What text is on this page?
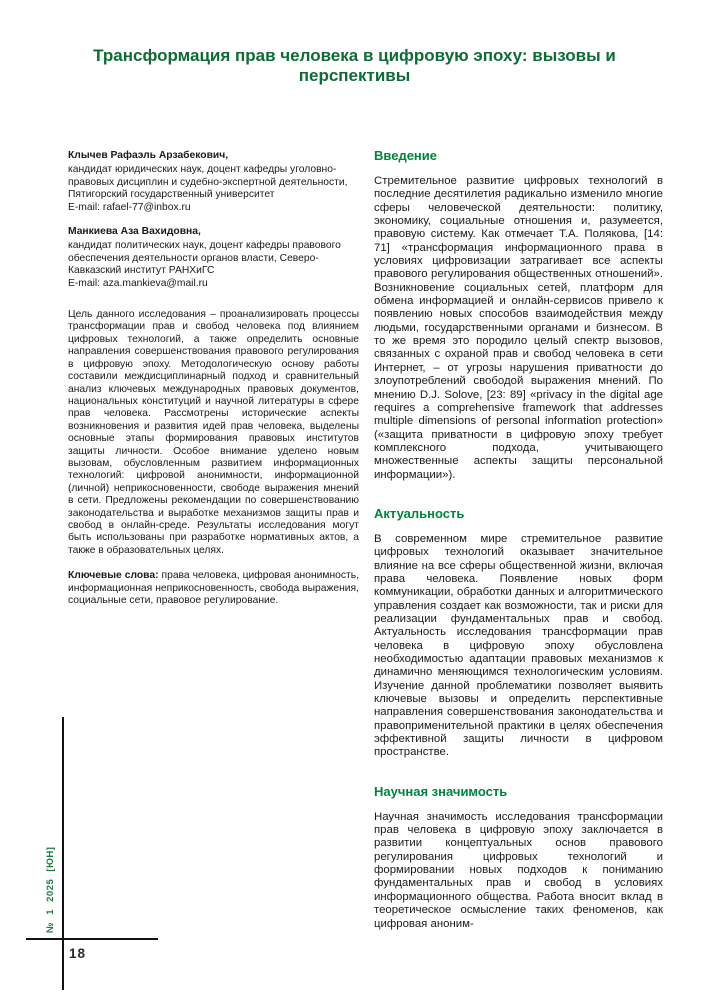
Трансформация прав человека в цифровую эпоху: вызовы и перспективы

Клычев Рафаэль Арзабекович,

кандидат юридических наук, доцент кафедры уголовно-правовых дисциплин и судебно-экспертной деятельности, Пятигорский государственный университет

E-mail: rafael-77@inbox.ru

Манкиева Аза Вахидовна,

кандидат политических наук, доцент кафедры правового обеспечения деятельности органов власти, Северо-Кавказский институт РАНХиГС

E-mail: aza.mankieva@mail.ru

Цель данного исследования – проанализировать процессы трансформации прав и свобод человека под влиянием цифровых технологий, а также определить основные направления совершенствования правового регулирования в цифровую эпоху. Методологическую основу работы составили междисциплинарный подход и сравнительный анализ ключевых международных правовых документов, национальных конституций и научной литературы в сфере прав человека. Рассмотрены исторические аспекты возникновения и развития идей прав человека, выделены основные этапы формирования правовых институтов защиты личности. Особое внимание уделено новым вызовам, обусловленным развитием информационных технологий: цифровой анонимности, информационной (личной) неприкосновенности, свободе выражения мнений в сети. Предложены рекомендации по совершенствованию законодательства и выработке механизмов защиты прав и свобод в онлайн-среде. Результаты исследования могут быть использованы при разработке нормативных актов, а также в образовательных целях.

Ключевые слова: права человека, цифровая анонимность, информационная неприкосновенность, свобода выражения, социальные сети, правовое регулирование.

Введение

Стремительное развитие цифровых технологий в последние десятилетия радикально изменило многие сферы человеческой деятельности: политику, экономику, социальные отношения и, разумеется, правовую систему. Как отмечает Т.А. Полякова, [14: 71] «трансформация информационного права в условиях цифровизации затрагивает все аспекты правового регулирования общественных отношений». Возникновение социальных сетей, платформ для обмена информацией и онлайн-сервисов привело к появлению новых способов взаимодействия между людьми, государственными органами и бизнесом. В то же время это породило целый спектр вызовов, связанных с охраной прав и свобод человека в сети Интернет, – от угрозы нарушения приватности до злоупотреблений свободой выражения мнений. По мнению D.J. Solove, [23: 89] «privacy in the digital age requires a comprehensive framework that addresses multiple dimensions of personal information protection» («защита приватности в цифровую эпоху требует комплексного подхода, учитывающего множественные аспекты защиты персональной информации»).

Актуальность

В современном мире стремительное развитие цифровых технологий оказывает значительное влияние на все сферы общественной жизни, включая права человека. Появление новых форм коммуникации, обработки данных и алгоритмического управления создает как возможности, так и риски для реализации фундаментальных прав и свобод. Актуальность исследования трансформации прав человека в цифровую эпоху обусловлена необходимостью адаптации правовых механизмов к динамично меняющимся технологическим условиям. Изучение данной проблематики позволяет выявить ключевые вызовы и определить перспективные направления совершенствования законодательства и правоприменительной практики в целях обеспечения эффективной защиты личности в цифровом пространстве.

Научная значимость

Научная значимость исследования трансформации прав человека в цифровую эпоху заключается в развитии концептуальных основ правового регулирования цифровых технологий и формировании новых подходов к пониманию фундаментальных прав и свобод в условиях информационного общества. Работа вносит вклад в теоретическое осмысление таких феноменов, как цифровая аноним-

№ 1 2025 [ЮН]
18
